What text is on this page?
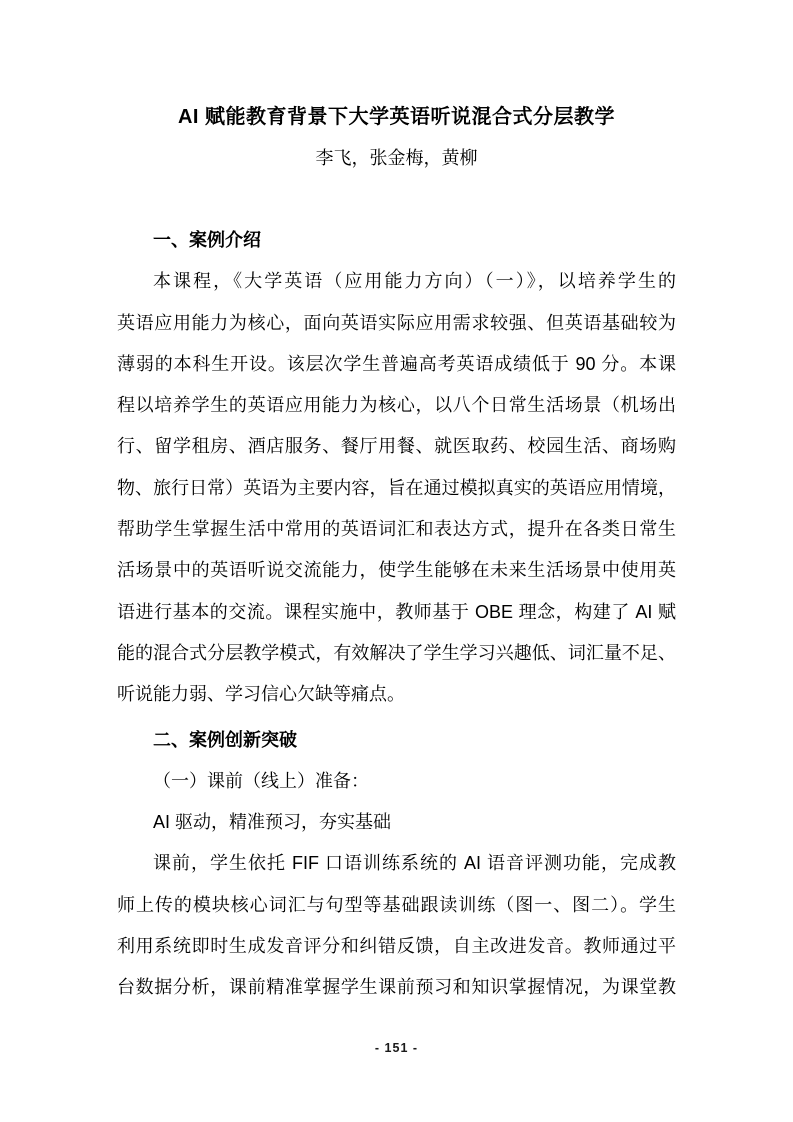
AI 赋能教育背景下大学英语听说混合式分层教学
李飞，张金梅，黄柳
一、案例介绍
本课程，《大学英语（应用能力方向）（一）》，以培养学生的
英语应用能力为核心，面向英语实际应用需求较强、但英语基础较为
薄弱的本科生开设。该层次学生普遍高考英语成绩低于 90 分。本课
程以培养学生的英语应用能力为核心，以八个日常生活场景（机场出
行、留学租房、酒店服务、餐厅用餐、就医取药、校园生活、商场购
物、旅行日常）英语为主要内容，旨在通过模拟真实的英语应用情境，
帮助学生掌握生活中常用的英语词汇和表达方式，提升在各类日常生
活场景中的英语听说交流能力，使学生能够在未来生活场景中使用英
语进行基本的交流。课程实施中，教师基于 OBE 理念，构建了 AI 赋
能的混合式分层教学模式，有效解决了学生学习兴趣低、词汇量不足、
听说能力弱、学习信心欠缺等痛点。
二、案例创新突破
（一）课前（线上）准备：
AI 驱动，精准预习，夯实基础
课前，学生依托 FIF 口语训练系统的 AI 语音评测功能，完成教
师上传的模块核心词汇与句型等基础跟读训练（图一、图二）。学生
利用系统即时生成发音评分和纠错反馈，自主改进发音。教师通过平
台数据分析，课前精准掌握学生课前预习和知识掌握情况，为课堂教
- 151 -
